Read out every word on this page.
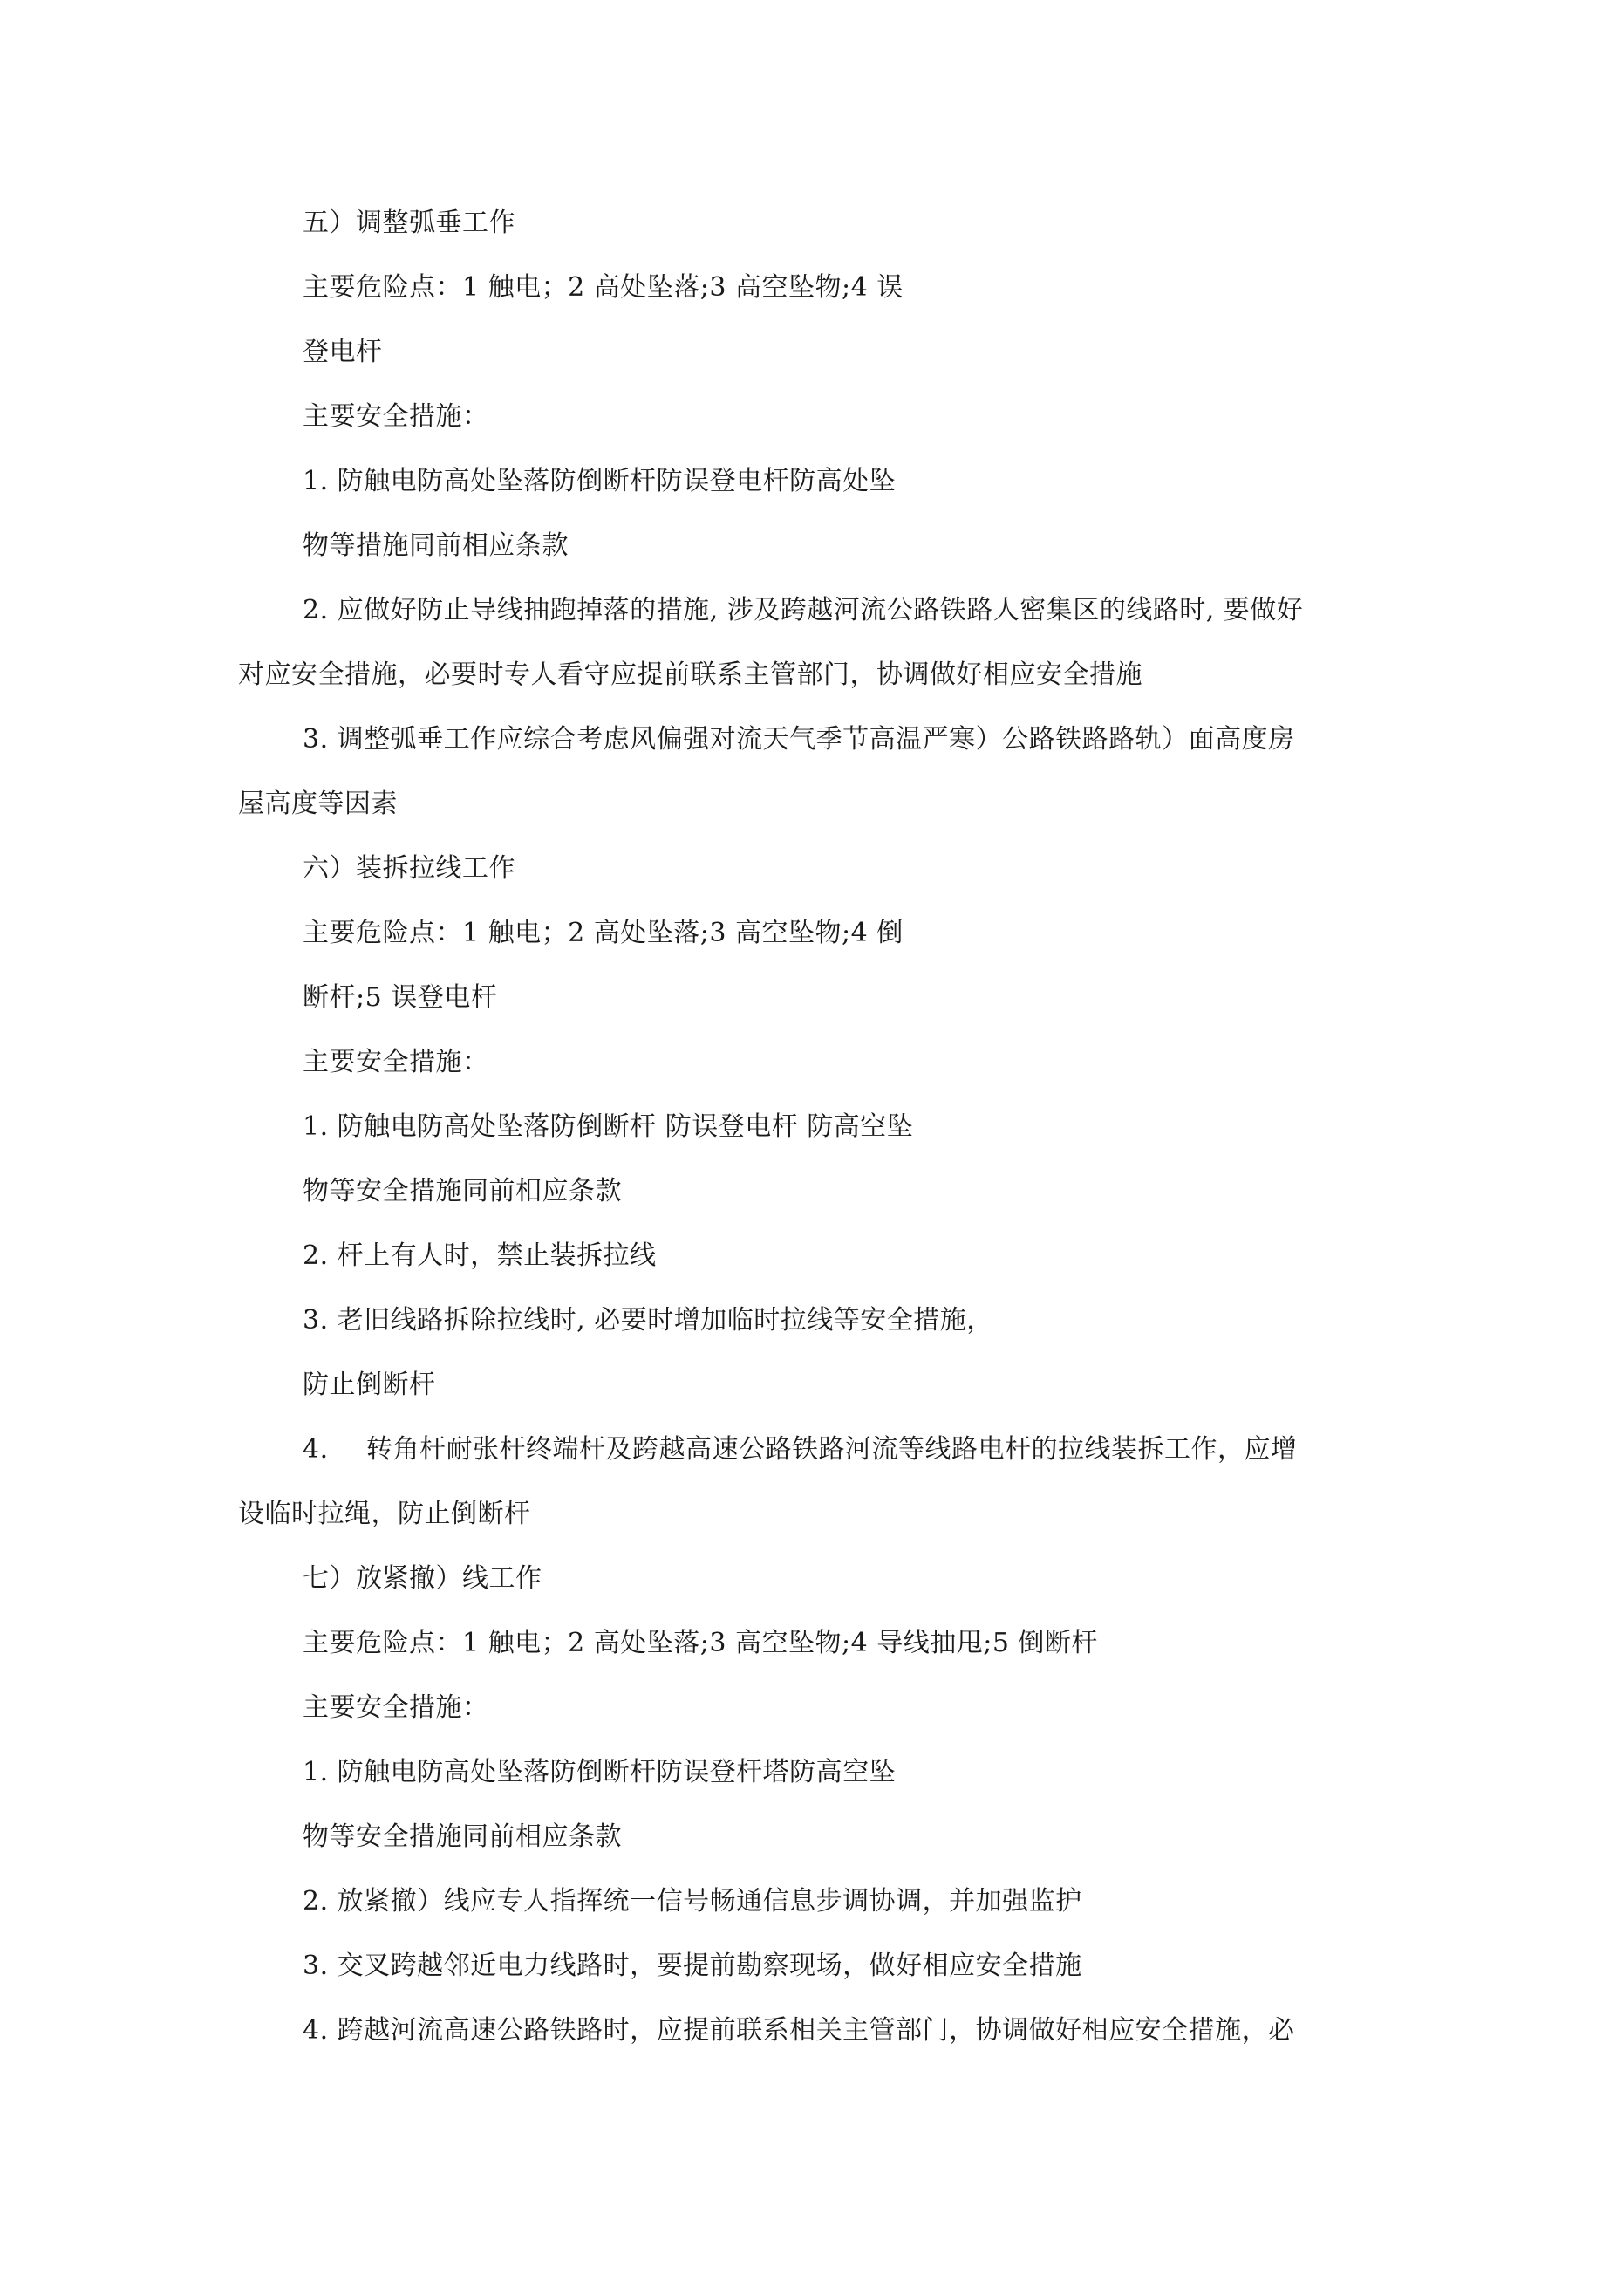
五）调整弧垂工作
主要危险点：1 触电；2 高处坠落;3 高空坠物;4 误
登电杆
主要安全措施：
1. 防触电防高处坠落防倒断杆防误登电杆防高处坠
物等措施同前相应条款
2. 应做好防止导线抽跑掉落的措施, 涉及跨越河流公路铁路人密集区的线路时, 要做好
对应安全措施，必要时专人看守应提前联系主管部门，协调做好相应安全措施
3. 调整弧垂工作应综合考虑风偏强对流天气季节高温严寒）公路铁路路轨）面高度房
屋高度等因素
六）装拆拉线工作
主要危险点：1 触电；2 高处坠落;3 高空坠物;4 倒
断杆;5 误登电杆
主要安全措施：
1. 防触电防高处坠落防倒断杆 防误登电杆 防高空坠
物等安全措施同前相应条款
2. 杆上有人时，禁止装拆拉线
3. 老旧线路拆除拉线时, 必要时增加临时拉线等安全措施，
防止倒断杆
4. 转角杆耐张杆终端杆及跨越高速公路铁路河流等线路电杆的拉线装拆工作，应增
设临时拉绳，防止倒断杆
七）放紧撤）线工作
主要危险点：1 触电；2 高处坠落;3 高空坠物;4 导线抽甩;5 倒断杆
主要安全措施：
1. 防触电防高处坠落防倒断杆防误登杆塔防高空坠
物等安全措施同前相应条款
2. 放紧撤）线应专人指挥统一信号畅通信息步调协调，并加强监护
3. 交叉跨越邻近电力线路时，要提前勘察现场，做好相应安全措施
4. 跨越河流高速公路铁路时，应提前联系相关主管部门，协调做好相应安全措施，必
